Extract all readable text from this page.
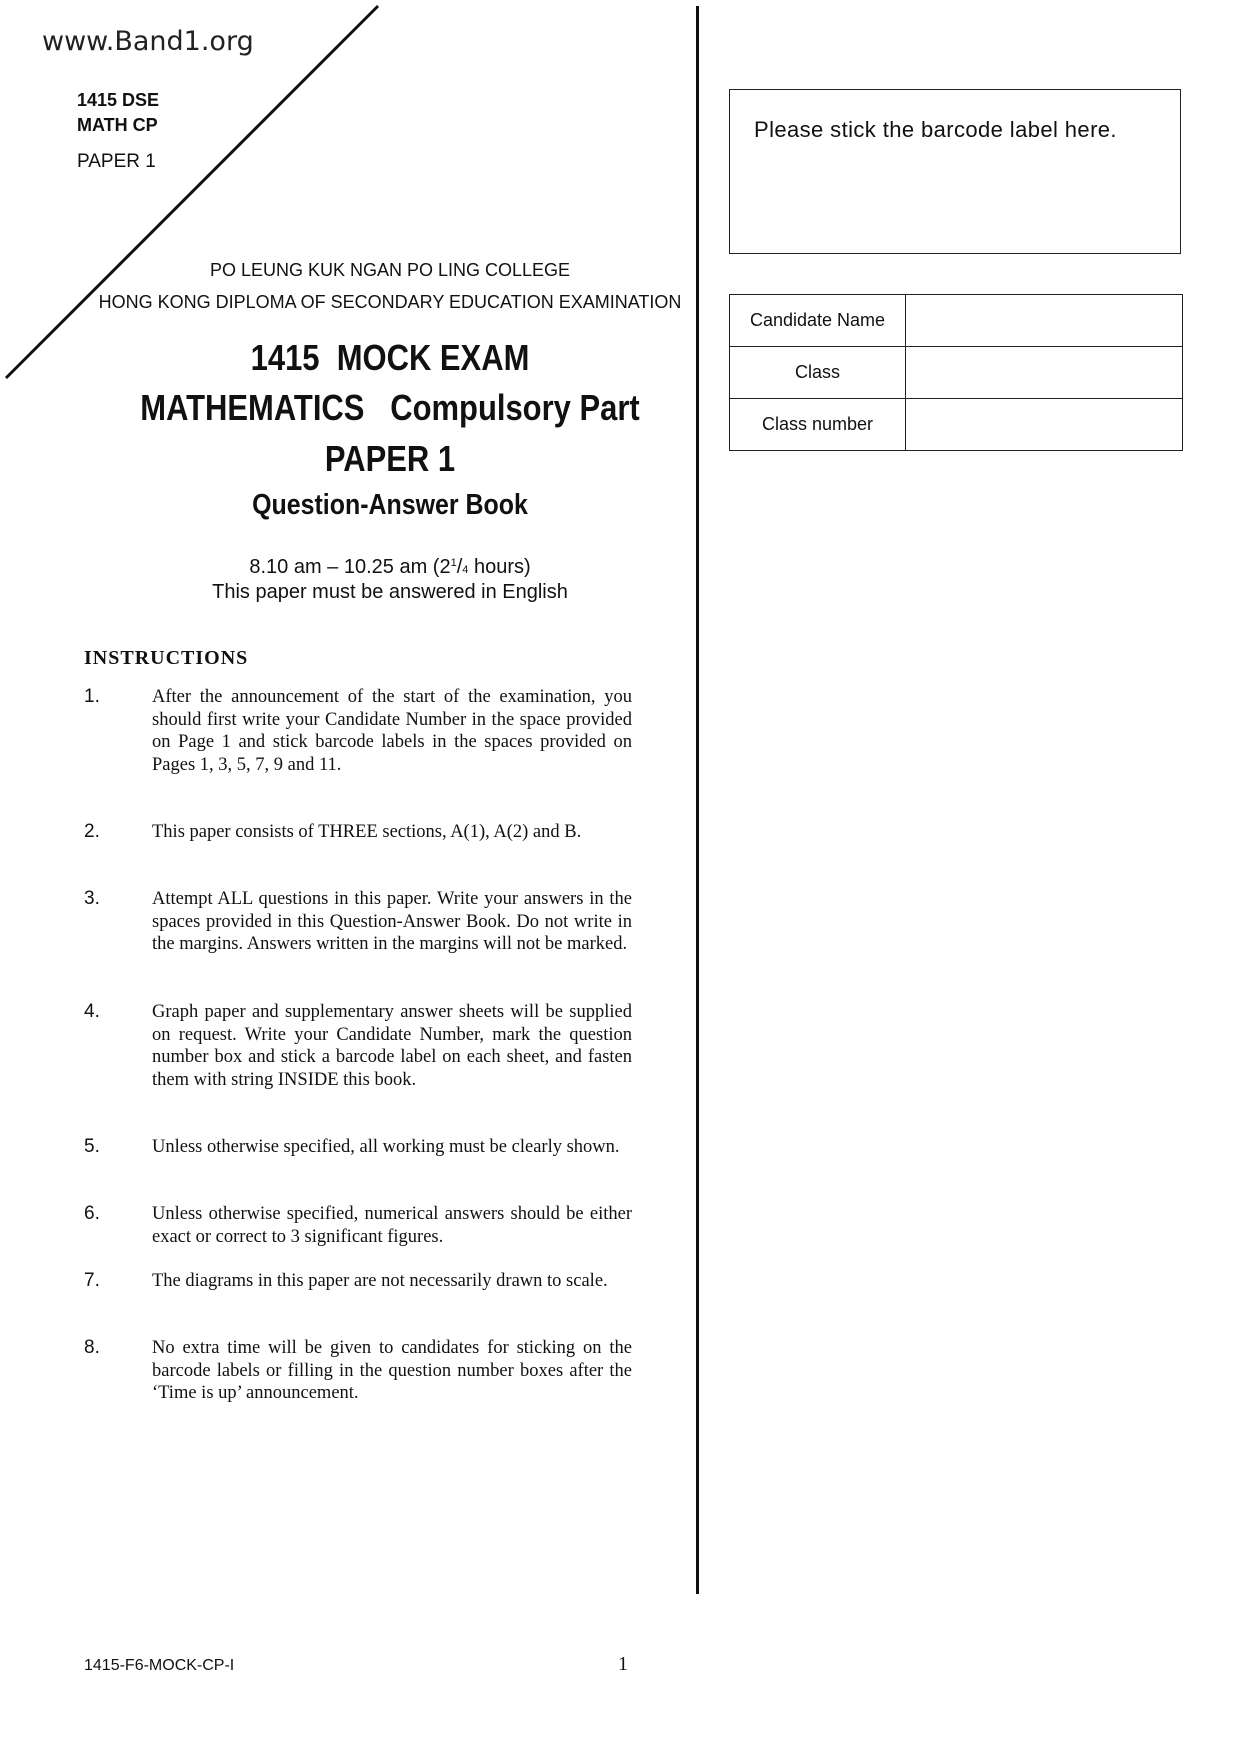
www.Band1.org
1415 DSE
MATH CP
PAPER 1
PO LEUNG KUK NGAN PO LING COLLEGE
HONG KONG DIPLOMA OF SECONDARY EDUCATION EXAMINATION
1415  MOCK EXAM
MATHEMATICS   Compulsory Part
PAPER 1
Question-Answer Book
8.10 am – 10.25 am ($2^1/4$ hours)
This paper must be answered in English
Please stick the barcode label here.
Candidate Name	
Class	
Class number	
INSTRUCTIONS
1.	After the announcement of the start of the examination, you should first write your Candidate Number in the space provided on Page 1 and stick barcode labels in the spaces provided on Pages 1, 3, 5, 7, 9 and 11.
2.	This paper consists of THREE sections, A(1), A(2) and B.
3.	Attempt ALL questions in this paper. Write your answers in the spaces provided in this Question-Answer Book. Do not write in the margins. Answers written in the margins will not be marked.
4.	Graph paper and supplementary answer sheets will be supplied on request. Write your Candidate Number, mark the question number box and stick a barcode label on each sheet, and fasten them with string INSIDE this book.
5.	Unless otherwise specified, all working must be clearly shown.
6.	Unless otherwise specified, numerical answers should be either exact or correct to 3 significant figures.
7.	The diagrams in this paper are not necessarily drawn to scale.
8.	No extra time will be given to candidates for sticking on the barcode labels or filling in the question number boxes after the ‘Time is up’ announcement.
1415-F6-MOCK-CP-I	1
